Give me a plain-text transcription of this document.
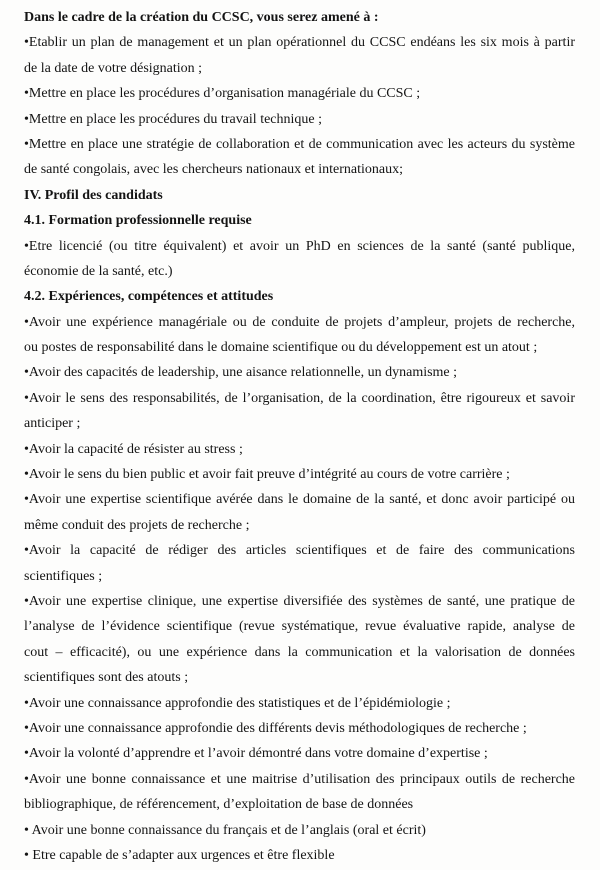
Dans le cadre de la création du CCSC, vous serez amené à :
•Etablir un plan de management et un plan opérationnel du CCSC endéans les six mois à partir
de la date de votre désignation ;
•Mettre en place les procédures d’organisation managériale du CCSC ;
•Mettre en place les procédures du travail technique ;
•Mettre en place une stratégie de collaboration et de communication avec les acteurs du système
de santé congolais, avec les chercheurs nationaux et internationaux;
IV. Profil des candidats
4.1. Formation professionnelle requise
•Etre licencié (ou titre équivalent) et avoir un PhD en sciences de la santé (santé publique,
économie de la santé, etc.)
4.2. Expériences, compétences et attitudes
•Avoir une expérience managériale ou de conduite de projets d’ampleur, projets de recherche,
ou postes de responsabilité dans le domaine scientifique ou du développement est un atout ;
•Avoir des capacités de leadership, une aisance relationnelle, un dynamisme ;
•Avoir le sens des responsabilités, de l’organisation, de la coordination, être rigoureux et savoir
anticiper ;
•Avoir la capacité de résister au stress ;
•Avoir le sens du bien public et avoir fait preuve d’intégrité au cours de votre carrière ;
•Avoir une expertise scientifique avérée dans le domaine de la santé, et donc avoir participé ou
même conduit des projets de recherche ;
•Avoir la capacité de rédiger des articles scientifiques et de faire des communications
scientifiques ;
•Avoir une expertise clinique, une expertise diversifiée des systèmes de santé, une pratique de
l’analyse de l’évidence scientifique (revue systématique, revue évaluative rapide, analyse de
cout – efficacité), ou une expérience dans la communication et la valorisation de données
scientifiques sont des atouts ;
•Avoir une connaissance approfondie des statistiques et de l’épidémiologie ;
•Avoir une connaissance approfondie des différents devis méthodologiques de recherche ;
•Avoir la volonté d’apprendre et l’avoir démontré dans votre domaine d’expertise ;
•Avoir une bonne connaissance et une maitrise d’utilisation des principaux outils de recherche
bibliographique, de référencement, d’exploitation de base de données
• Avoir une bonne connaissance du français et de l’anglais (oral et écrit)
• Etre capable de s’adapter aux urgences et être flexible
